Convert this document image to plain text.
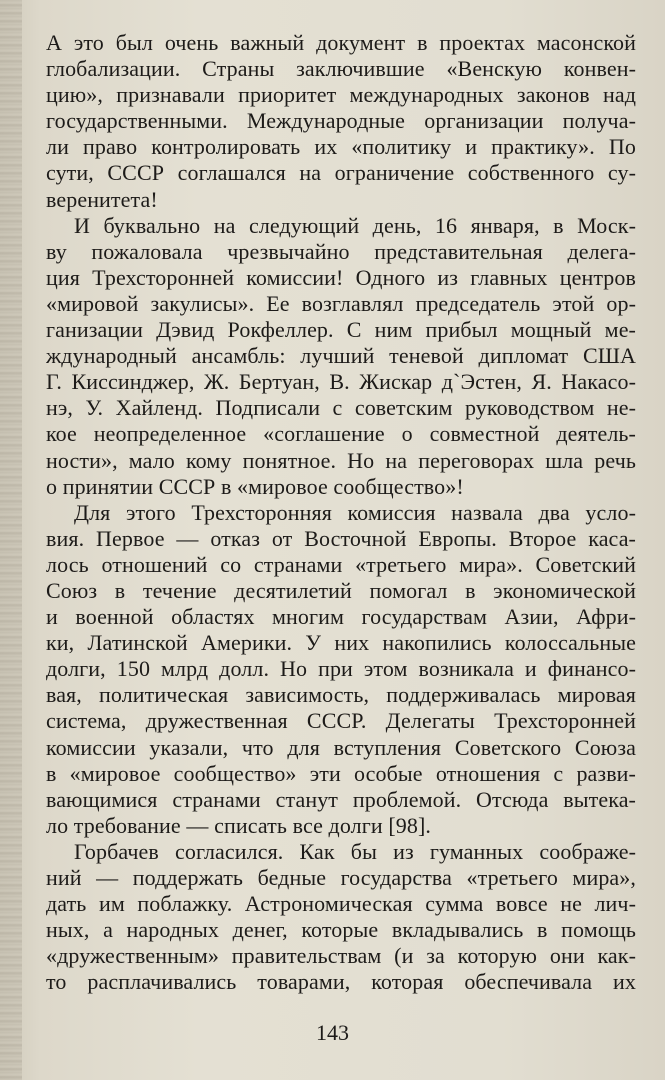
А это был очень важный документ в проектах масонской
глобализации. Страны заключившие «Венскую конвен-
цию», признавали приоритет международных законов над
государственными. Международные организации получа-
ли право контролировать их «политику и практику». По
сути, СССР соглашался на ограничение собственного су-
веренитета!
И буквально на следующий день, 16 января, в Моск-
ву пожаловала чрезвычайно представительная делега-
ция Трехсторонней комиссии! Одного из главных центров
«мировой закулисы». Ее возглавлял председатель этой ор-
ганизации Дэвид Рокфеллер. С ним прибыл мощный ме-
ждународный ансамбль: лучший теневой дипломат США
Г. Киссинджер, Ж. Бертуан, В. Жискар д`Эстен, Я. Накасо-
нэ, У. Хайленд. Подписали с советским руководством не-
кое неопределенное «соглашение о совместной деятель-
ности», мало кому понятное. Но на переговорах шла речь
о принятии СССР в «мировое сообщество»!
Для этого Трехсторонняя комиссия назвала два усло-
вия. Первое — отказ от Восточной Европы. Второе каса-
лось отношений со странами «третьего мира». Советский
Союз в течение десятилетий помогал в экономической
и военной областях многим государствам Азии, Афри-
ки, Латинской Америки. У них накопились колоссальные
долги, 150 млрд долл. Но при этом возникала и финансо-
вая, политическая зависимость, поддерживалась мировая
система, дружественная СССР. Делегаты Трехсторонней
комиссии указали, что для вступления Советского Союза
в «мировое сообщество» эти особые отношения с разви-
вающимися странами станут проблемой. Отсюда вытека-
ло требование — списать все долги [98].
Горбачев согласился. Как бы из гуманных соображе-
ний — поддержать бедные государства «третьего мира»,
дать им поблажку. Астрономическая сумма вовсе не лич-
ных, а народных денег, которые вкладывались в помощь
«дружественным» правительствам (и за которую они как-
то расплачивались товарами, которая обеспечивала их
143
